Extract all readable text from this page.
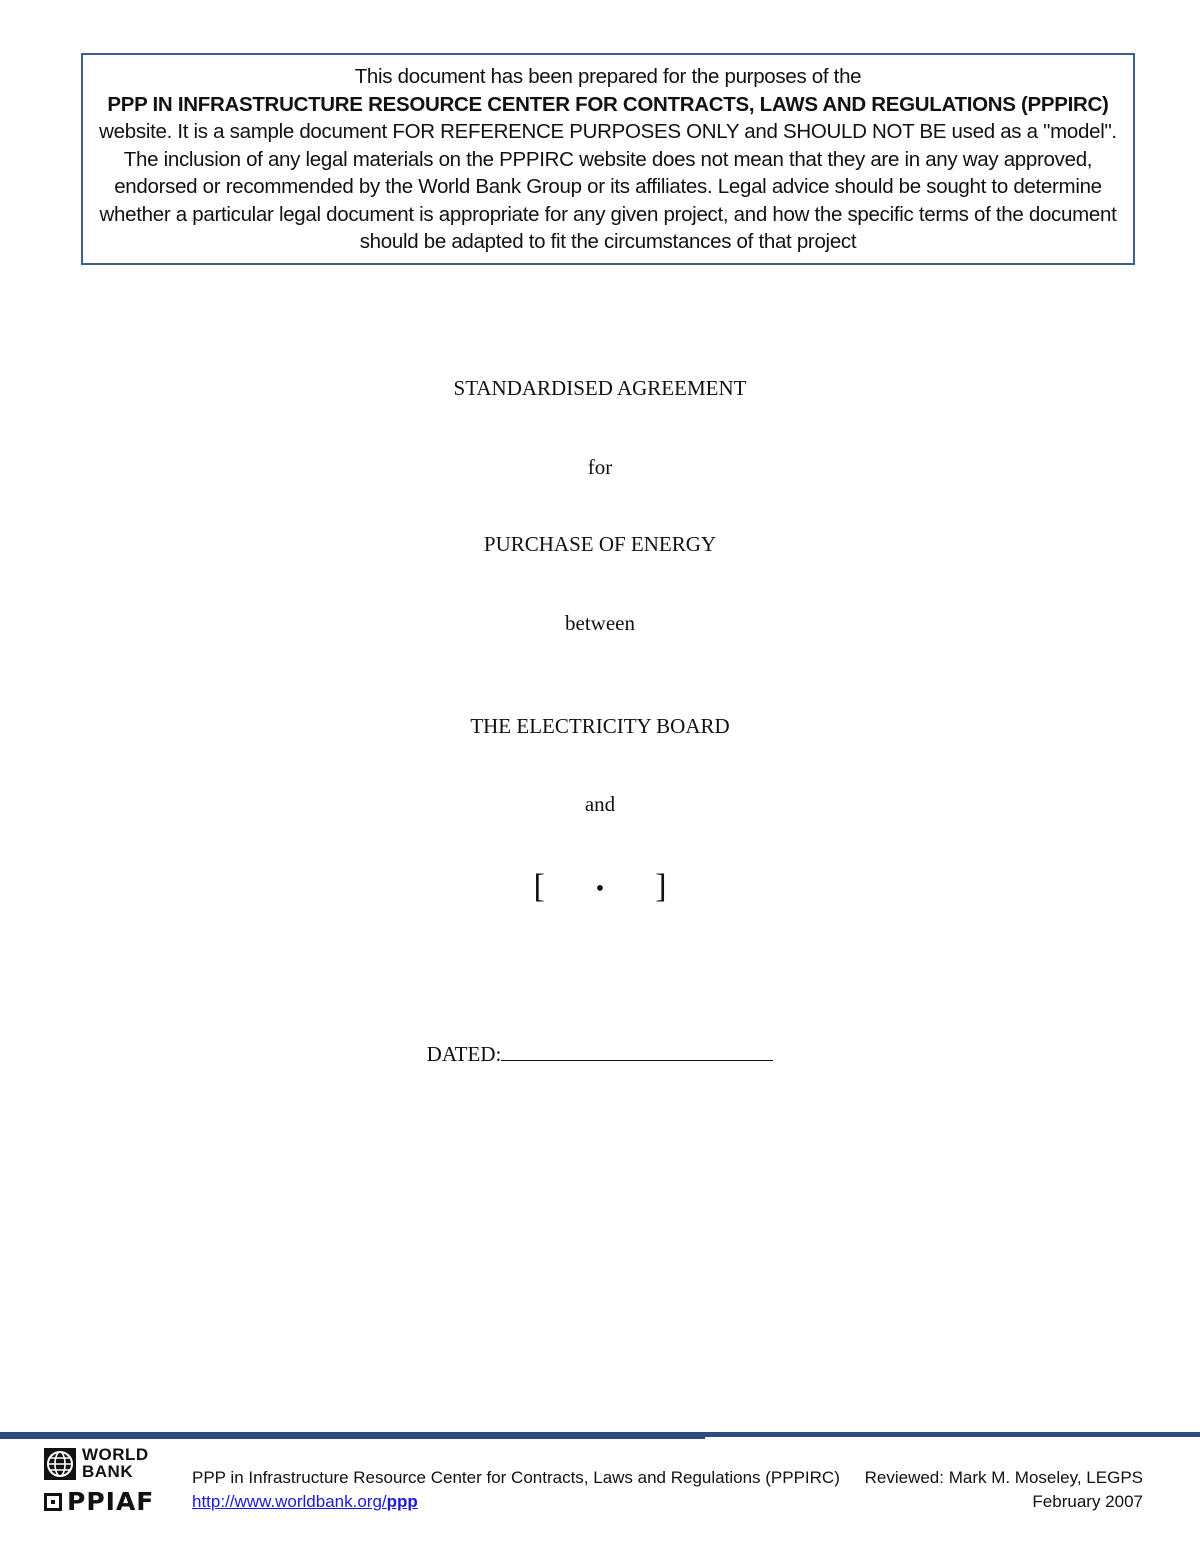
This document has been prepared for the purposes of the
PPP IN INFRASTRUCTURE RESOURCE CENTER FOR CONTRACTS, LAWS AND REGULATIONS (PPPIRC)
website. It is a sample document FOR REFERENCE PURPOSES ONLY and SHOULD NOT BE used as a "model".
The inclusion of any legal materials on the PPPIRC website does not mean that they are in any way approved,
endorsed or recommended by the World Bank Group or its affiliates. Legal advice should be sought to determine
whether a particular legal document is appropriate for any given project, and how the specific terms of the document
should be adapted to fit the circumstances of that project
STANDARDISED AGREEMENT
for
PURCHASE OF ENERGY
between
THE ELECTRICITY BOARD
and
[ • ]
DATED:
WORLD
BANK
PPIAF
PPP in Infrastructure Resource Center for Contracts, Laws and Regulations (PPPIRC)
http://www.worldbank.org/ppp
Reviewed: Mark M. Moseley, LEGPS
February 2007
